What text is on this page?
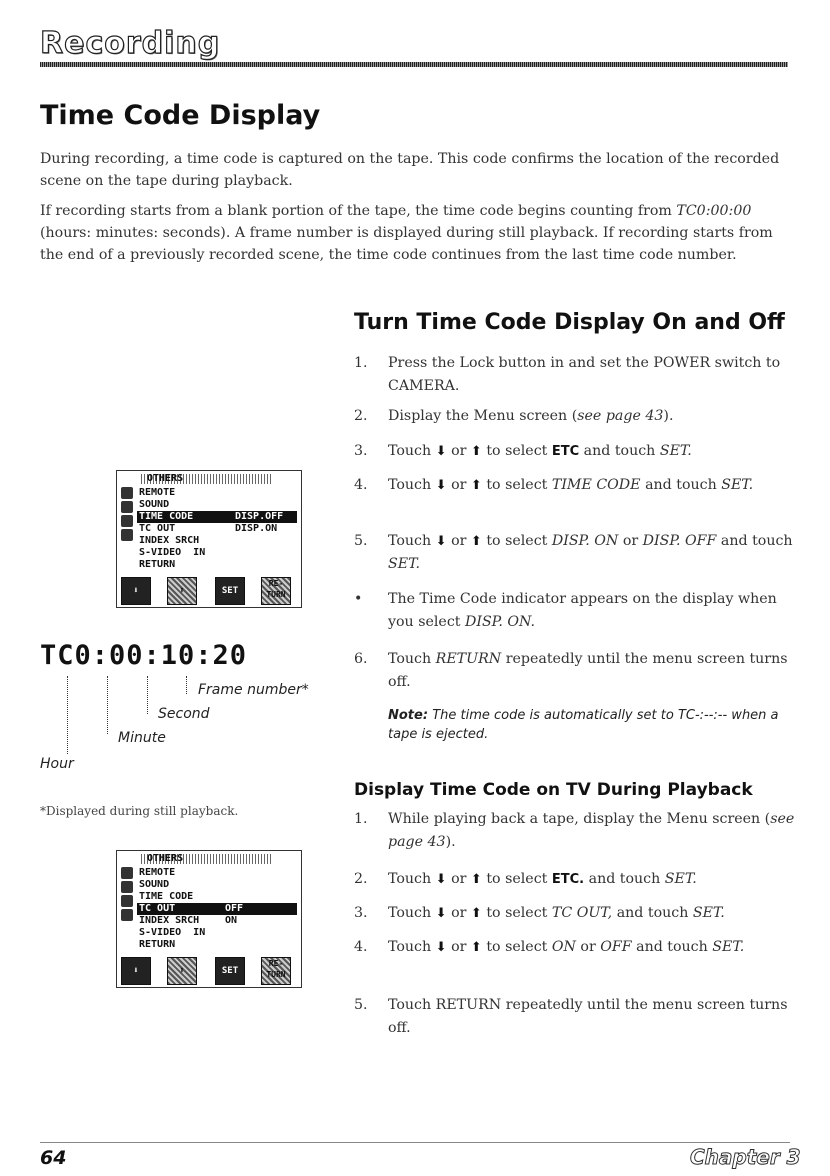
Recording
Time Code Display
During recording, a time code is captured on the tape. This code confirms the location of the recorded scene on the tape during playback.
If recording starts from a blank portion of the tape, the time code begins counting from TC0:00:00 (hours: minutes: seconds). A frame number is displayed during still playback. If recording starts from the end of a previously recorded scene, the time code continues from the last time code number.
Turn Time Code Display On and Off
1. Press the Lock button in and set the POWER switch to CAMERA.
2. Display the Menu screen (see page 43).
3. Touch ⬇ or ⬆ to select ETC and touch SET.
4. Touch ⬇ or ⬆ to select TIME CODE and touch SET.
5. Touch ⬇ or ⬆ to select DISP. ON or DISP. OFF and touch SET.
• The Time Code indicator appears on the display when you select DISP. ON.
6. Touch RETURN repeatedly until the menu screen turns off.
Note: The time code is automatically set to TC-:--:-- when a tape is ejected.
Display Time Code on TV During Playback
1. While playing back a tape, display the Menu screen (see page 43).
2. Touch ⬇ or ⬆ to select ETC. and touch SET.
3. Touch ⬇ or ⬆ to select TC OUT, and touch SET.
4. Touch ⬇ or ⬆ to select ON or OFF and touch SET.
5. Touch RETURN repeatedly until the menu screen turns off.
OTHERS
REMOTE
SOUND
TIME CODE	DISP.OFF
TC OUT	DISP.ON
INDEX SRCH
S-VIDEO  IN
RETURN
⬇	⬆	SET
RE-TURN
TC0:00:10:20
Frame number*
Second
Minute
Hour
*Displayed during still playback.
OTHERS
REMOTE
SOUND
TIME CODE
TC OUT	OFF
INDEX SRCH	ON
S-VIDEO  IN
RETURN
⬇	⬆	SET
RE-TURN
64	Chapter 3
